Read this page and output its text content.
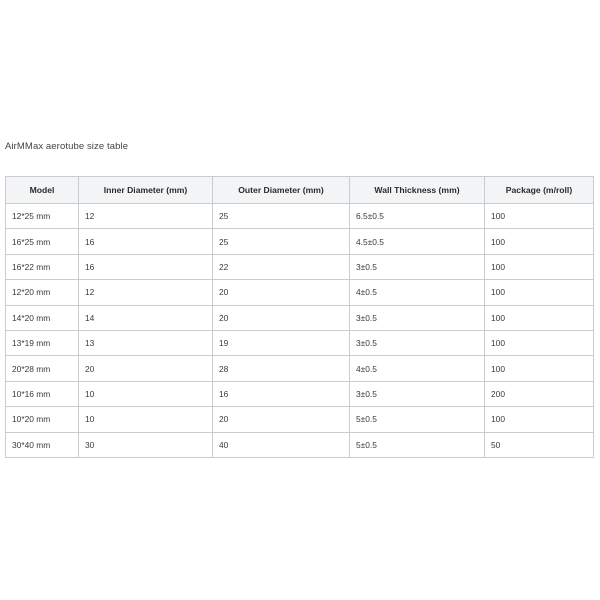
AirMMax aerotube size table
Model	Inner Diameter (mm)	Outer Diameter (mm)	Wall Thickness (mm)	Package (m/roll)
12*25 mm	12	25	6.5±0.5	100
16*25 mm	16	25	4.5±0.5	100
16*22 mm	16	22	3±0.5	100
12*20 mm	12	20	4±0.5	100
14*20 mm	14	20	3±0.5	100
13*19 mm	13	19	3±0.5	100
20*28 mm	20	28	4±0.5	100
10*16 mm	10	16	3±0.5	200
10*20 mm	10	20	5±0.5	100
30*40 mm	30	40	5±0.5	50
